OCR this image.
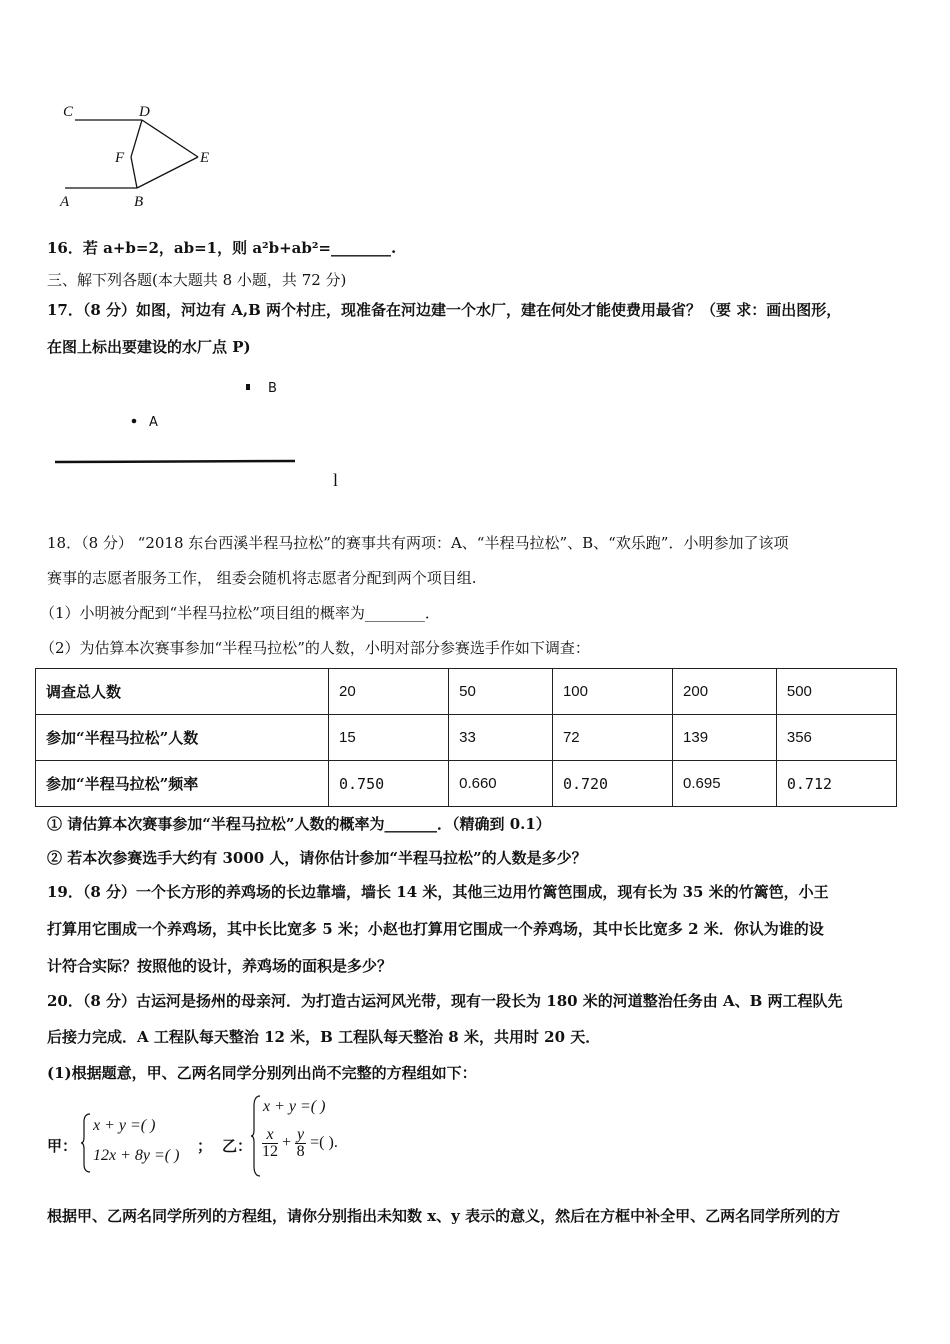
C	D
F	E
A	B
16．若 a+b=2，ab=1，则 a²b+ab²=________.
三、解下列各题(本大题共 8 小题，共 72 分)
17．（8 分）如图，河边有 A,B 两个村庄，现准备在河边建一个水厂，建在何处才能使费用最省？（要 求：画出图形，
在图上标出要建设的水厂点 P)
B
A
l
18．（8 分） “2018 东台西溪半程马拉松”的赛事共有两项：A、“半程马拉松”、B、“欢乐跑”．小明参加了该项
赛事的志愿者服务工作， 组委会随机将志愿者分配到两个项目组.
（1）小明被分配到“半程马拉松”项目组的概率为________．
（2）为估算本次赛事参加“半程马拉松”的人数，小明对部分参赛选手作如下调查：
调查总人数	20	50	100	200	500
参加“半程马拉松”人数	15	33	72	139	356
参加“半程马拉松”频率	0.750	0.660	0.720	0.695	0.712
① 请估算本次赛事参加“半程马拉松”人数的概率为_______．（精确到 0.1）
② 若本次参赛选手大约有 3000 人，请你估计参加“半程马拉松”的人数是多少？
19．（8 分）一个长方形的养鸡场的长边靠墙，墙长 14 米，其他三边用竹篱笆围成，现有长为 35 米的竹篱笆，小王
打算用它围成一个养鸡场，其中长比宽多 5 米；小赵也打算用它围成一个养鸡场，其中长比宽多 2 米．你认为谁的设
计符合实际？按照他的设计，养鸡场的面积是多少？
20．（8 分）古运河是扬州的母亲河．为打造古运河风光带，现有一段长为 180 米的河道整治任务由 A、B 两工程队先
后接力完成．A 工程队每天整治 12 米，B 工程队每天整治 8 米，共用时 20 天．
(1)根据题意，甲、乙两名同学分别列出尚不完整的方程组如下：
甲：
x + y =( )
12x + 8y =( )
； 乙：
x + y =( )
$\frac{x}{12} + \frac{y}{8}$ =( ).
根据甲、乙两名同学所列的方程组，请你分别指出未知数 x、y 表示的意义，然后在方框中补全甲、乙两名同学所列的方
